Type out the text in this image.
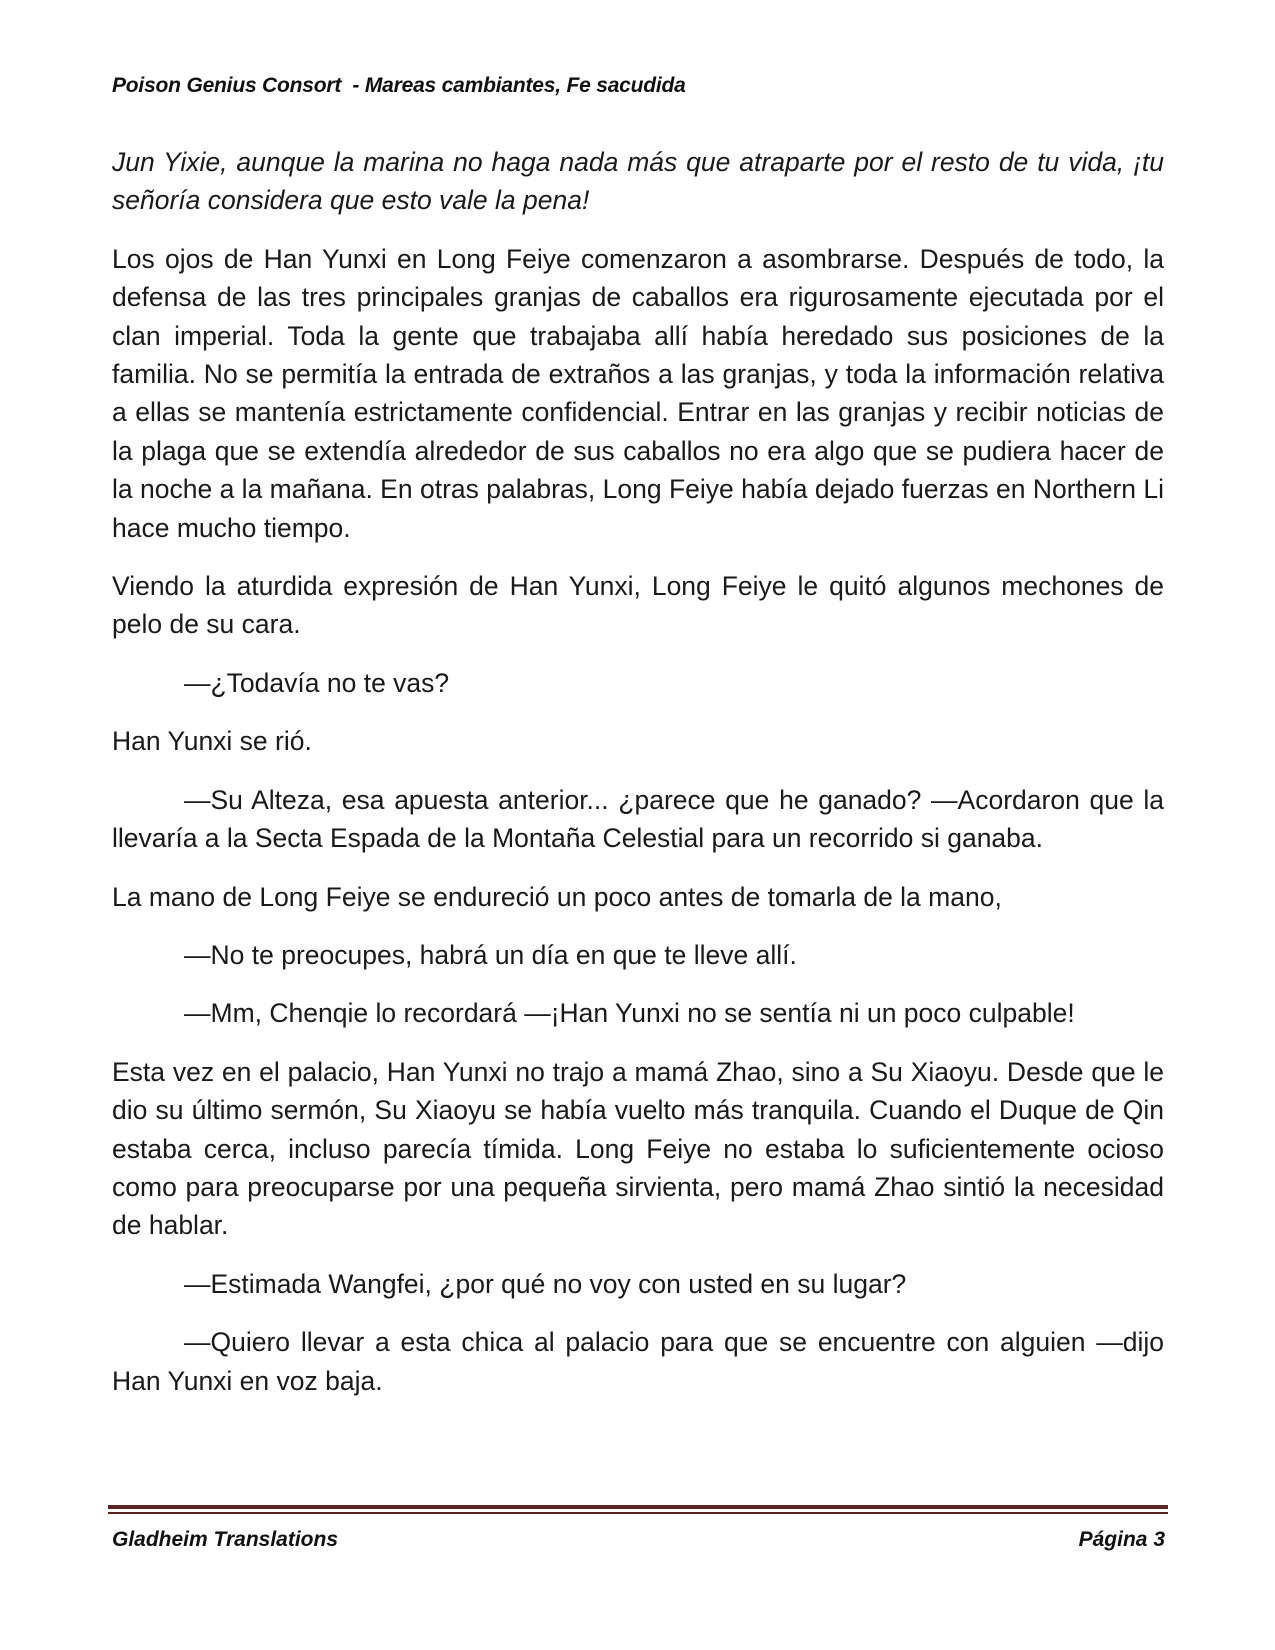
Poison Genius Consort  - Mareas cambiantes, Fe sacudida

Jun Yixie, aunque la marina no haga nada más que atraparte por el resto de tu vida, ¡tu señoría considera que esto vale la pena!

Los ojos de Han Yunxi en Long Feiye comenzaron a asombrarse. Después de todo, la defensa de las tres principales granjas de caballos era rigurosamente ejecutada por el clan imperial. Toda la gente que trabajaba allí había heredado sus posiciones de la familia. No se permitía la entrada de extraños a las granjas, y toda la información relativa a ellas se mantenía estrictamente confidencial. Entrar en las granjas y recibir noticias de la plaga que se extendía alrededor de sus caballos no era algo que se pudiera hacer de la noche a la mañana. En otras palabras, Long Feiye había dejado fuerzas en Northern Li hace mucho tiempo.

Viendo la aturdida expresión de Han Yunxi, Long Feiye le quitó algunos mechones de pelo de su cara.

—¿Todavía no te vas?

Han Yunxi se rió.

—Su Alteza, esa apuesta anterior... ¿parece que he ganado? —Acordaron que la llevaría a la Secta Espada de la Montaña Celestial para un recorrido si ganaba.

La mano de Long Feiye se endureció un poco antes de tomarla de la mano,

—No te preocupes, habrá un día en que te lleve allí.

—Mm, Chenqie lo recordará —¡Han Yunxi no se sentía ni un poco culpable!

Esta vez en el palacio, Han Yunxi no trajo a mamá Zhao, sino a Su Xiaoyu. Desde que le dio su último sermón, Su Xiaoyu se había vuelto más tranquila. Cuando el Duque de Qin estaba cerca, incluso parecía tímida. Long Feiye no estaba lo suficientemente ocioso como para preocuparse por una pequeña sirvienta, pero mamá Zhao sintió la necesidad de hablar.

—Estimada Wangfei, ¿por qué no voy con usted en su lugar?

—Quiero llevar a esta chica al palacio para que se encuentre con alguien —dijo Han Yunxi en voz baja.

Gladheim Translations	Página 3
